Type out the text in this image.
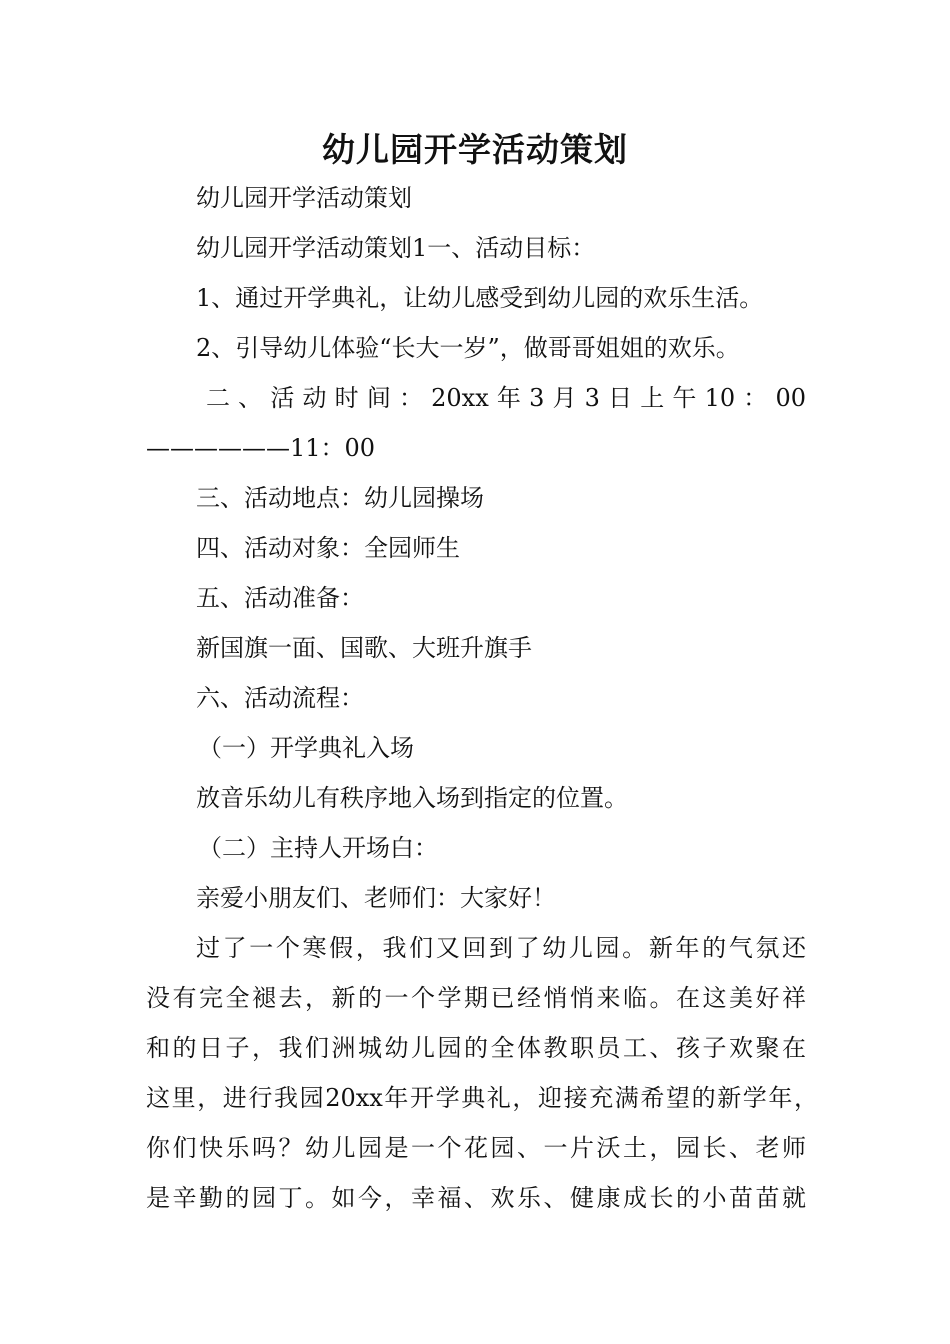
幼儿园开学活动策划
幼儿园开学活动策划
幼儿园开学活动策划1一、活动目标：
1、通过开学典礼，让幼儿感受到幼儿园的欢乐生活。
2、引导幼儿体验“长大一岁”，做哥哥姐姐的欢乐。
二、活动时间：20xx年3月3日上午10：00
——————11：00
三、活动地点：幼儿园操场
四、活动对象：全园师生
五、活动准备：
新国旗一面、国歌、大班升旗手
六、活动流程：
（一）开学典礼入场
放音乐幼儿有秩序地入场到指定的位置。
（二）主持人开场白：
亲爱小朋友们、老师们：大家好！
过了一个寒假，我们又回到了幼儿园。新年的气氛还
没有完全褪去，新的一个学期已经悄悄来临。在这美好祥
和的日子，我们洲城幼儿园的全体教职员工、孩子欢聚在
这里，进行我园20xx年开学典礼，迎接充满希望的新学年，
你们快乐吗？幼儿园是一个花园、一片沃土，园长、老师
是辛勤的园丁。如今，幸福、欢乐、健康成长的小苗苗就
